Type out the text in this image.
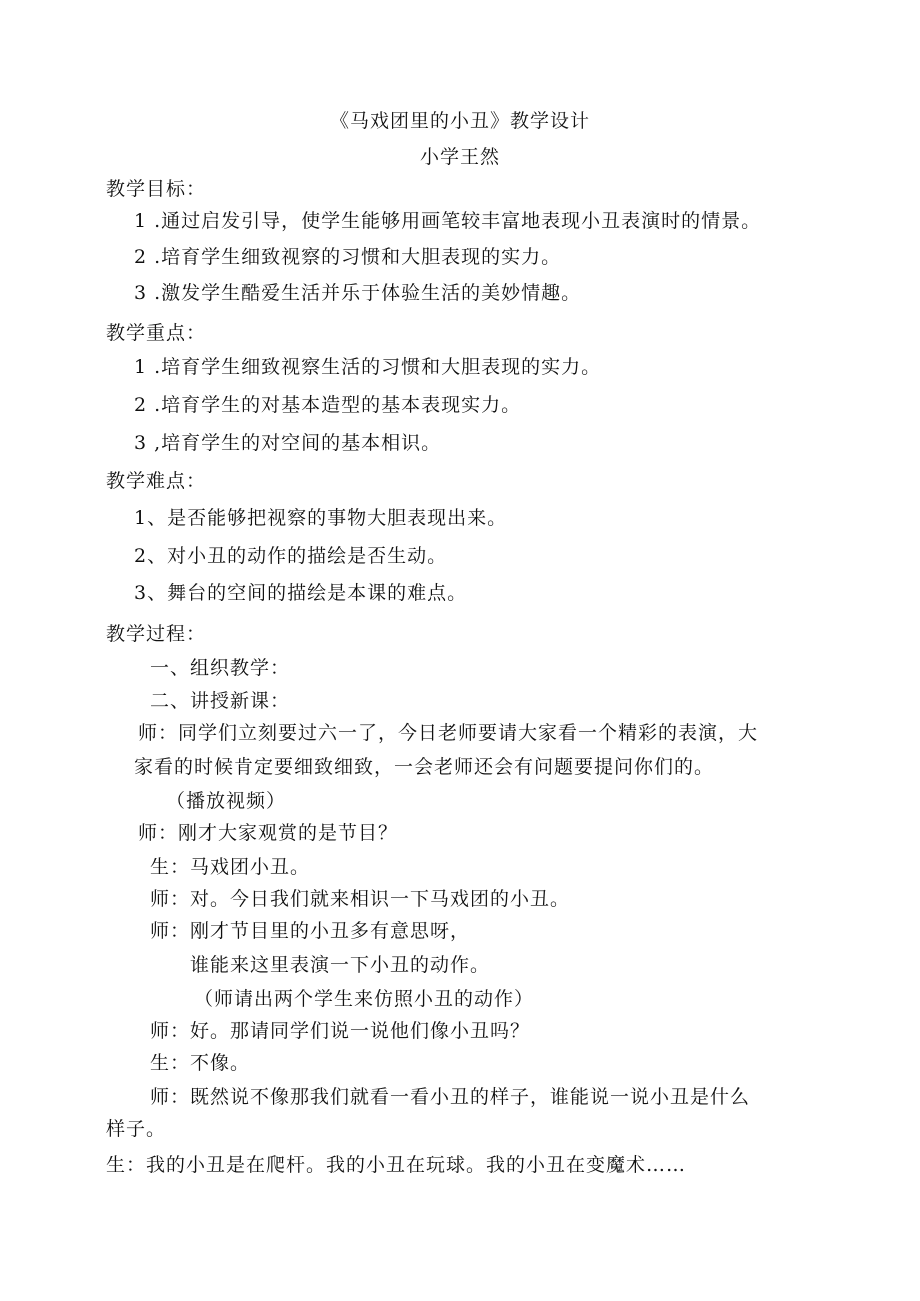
《马戏团里的小丑》教学设计
小学王然
教学目标：
1 .通过启发引导，使学生能够用画笔较丰富地表现小丑表演时的情景。
2 .培育学生细致视察的习惯和大胆表现的实力。
3 .激发学生酷爱生活并乐于体验生活的美妙情趣。
教学重点：
1 .培育学生细致视察生活的习惯和大胆表现的实力。
2 .培育学生的对基本造型的基本表现实力。
3 ,培育学生的对空间的基本相识。
教学难点：
1、是否能够把视察的事物大胆表现出来。
2、对小丑的动作的描绘是否生动。
3、舞台的空间的描绘是本课的难点。
教学过程：
一、组织教学：
二、讲授新课：
师：同学们立刻要过六一了，今日老师要请大家看一个精彩的表演，大
家看的时候肯定要细致细致，一会老师还会有问题要提问你们的。
（播放视频）
师：刚才大家观赏的是节目？
生：马戏团小丑。
师：对。今日我们就来相识一下马戏团的小丑。
师：刚才节目里的小丑多有意思呀，
谁能来这里表演一下小丑的动作。
（师请出两个学生来仿照小丑的动作）
师：好。那请同学们说一说他们像小丑吗？
生：不像。
师：既然说不像那我们就看一看小丑的样子，谁能说一说小丑是什么
样子。
生：我的小丑是在爬杆。我的小丑在玩球。我的小丑在变魔术……
